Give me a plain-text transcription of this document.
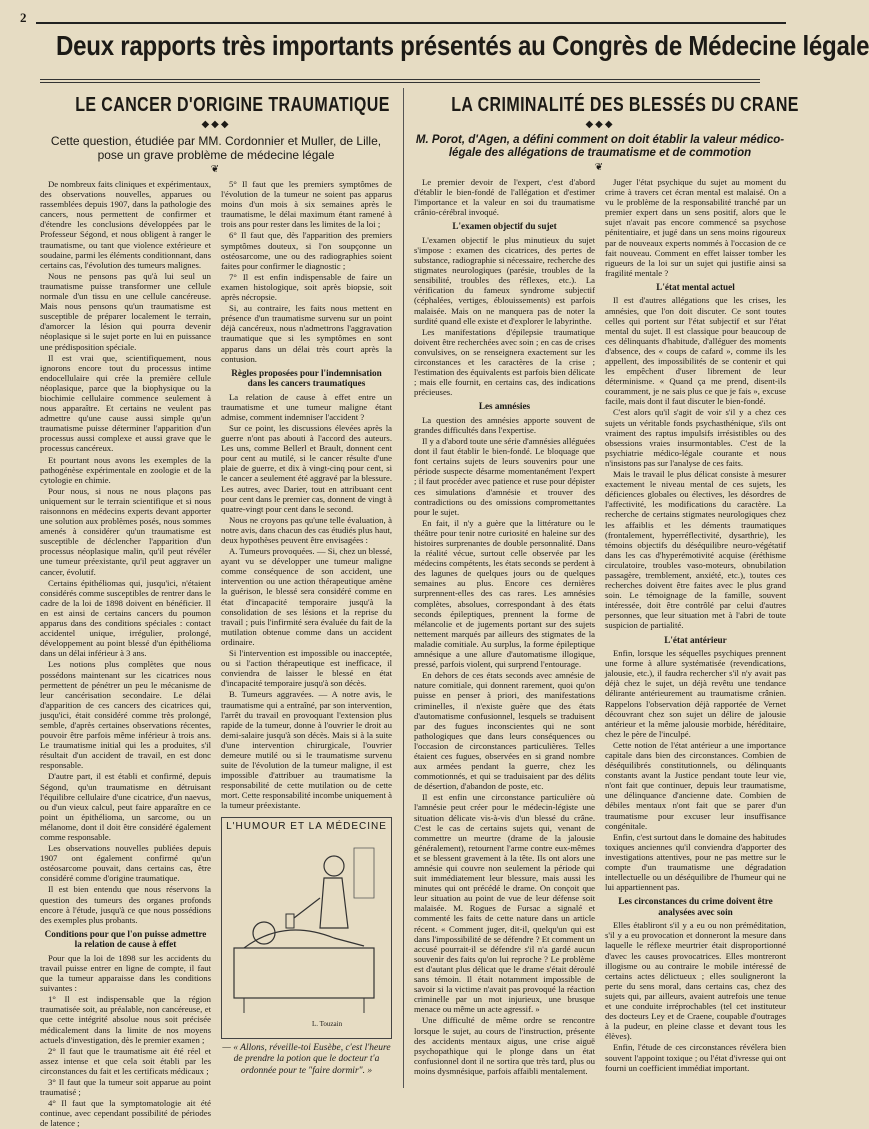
2
Deux rapports très importants présentés au Congrès de Médecine légale
LE CANCER D'ORIGINE TRAUMATIQUE
◆◆◆
Cette question, étudiée par MM. Cordonnier et Muller, de Lille, pose un grave problème de médecine légale
❦

De nombreux faits cliniques et expérimentaux, des observations nouvelles, apparues ou rassemblées depuis 1907, dans la pathologie des cancers, nous permettent de confirmer et d'étendre les conclusions développées par le Professeur Ségond, et nous obligent à ranger le traumatisme, ou tant que violence extérieure et soudaine, parmi les éléments conditionnant, dans certains cas, l'évolution des tumeurs malignes.

Nous ne pensons pas qu'à lui seul un traumatisme puisse transformer une cellule normale d'un tissu en une cellule cancéreuse. Mais nous pensons qu'un traumatisme est susceptible de préparer localement le terrain, d'amorcer la lésion qui pourra devenir néoplasique si le sujet porte en lui en puissance une prédisposition spéciale.

Il est vrai que, scientifiquement, nous ignorons encore tout du processus intime endocellulaire qui crée la première cellule néoplasique, parce que la biophysique ou la biochimie cellulaire commence seulement à nous apparaître. Et certains ne veulent pas admettre qu'une cause aussi simple qu'un traumatisme puisse déterminer l'apparition d'un processus aussi complexe et aussi grave que le processus cancéreux.

Et pourtant nous avons les exemples de la pathogénèse expérimentale en zoologie et de la cytologie en chimie.

Pour nous, si nous ne nous plaçons pas uniquement sur le terrain scientifique et si nous raisonnons en médecins experts devant apporter une solution aux problèmes posés, nous sommes amenés à considérer qu'un traumatisme est susceptible de déclencher l'apparition d'un processus néoplasique malin, qu'il peut révéler une tumeur préexistante, qu'il peut aggraver un cancer, évolutif.

Certains épithéliomas qui, jusqu'ici, n'étaient considérés comme susceptibles de rentrer dans le cadre de la loi de 1898 doivent en bénéficier. Il en est ainsi de certains cancers du poumon apparus dans des conditions spéciales : contact accidentel unique, irrégulier, prolongé, développement au point blessé d'un épithélioma dans un délai inférieur à 3 ans.

Les notions plus complètes que nous possédons maintenant sur les cicatrices nous permettent de pénétrer un peu le mécanisme de leur cancérisation secondaire. Le délai d'apparition de ces cancers des cicatrices qui, jusqu'ici, était considéré comme très prolongé, semble, d'après certaines observations récentes, pouvoir être parfois même inférieur à trois ans. Le traumatisme initial qui les a produites, s'il résultait d'un accident de travail, en est donc responsable.

D'autre part, il est établi et confirmé, depuis Ségond, qu'un traumatisme en détruisant l'équilibre cellulaire d'une cicatrice, d'un naevus, ou d'un vieux calcul, peut faire apparaître en ce point un épithélioma, un sarcome, ou un mélanome, dont il doit être considéré également comme responsable.

Les observations nouvelles publiées depuis 1907 ont également confirmé qu'un ostéosarcome pouvait, dans certains cas, être considéré comme d'origine traumatique.

Il est bien entendu que nous réservons la question des tumeurs des organes profonds encore à l'étude, jusqu'à ce que nous possédions des exemples plus probants.

Conditions pour que l'on puisse admettre la relation de cause à effet

Pour que la loi de 1898 sur les accidents du travail puisse entrer en ligne de compte, il faut que la tumeur apparaisse dans les conditions suivantes :

1° Il est indispensable que la région traumatisée soit, au préalable, non cancéreuse, et que cette intégrité absolue nous soit précisée médicalement dans la limite de nos moyens actuels d'investigation, dès le premier examen ;

2° Il faut que le traumatisme ait été réel et assez intense et que cela soit établi par les circonstances du fait et les certificats médicaux ;

3° Il faut que la tumeur soit apparue au point traumatisé ;

4° Il faut que la symptomatologie ait été continue, avec cependant possibilité de périodes de latence ;

5° Il faut que les premiers symptômes de l'évolution de la tumeur ne soient pas apparus moins d'un mois à six semaines après le traumatisme, le délai maximum étant ramené à trois ans pour rester dans les limites de la loi ;

6° Il faut que, dès l'apparition des premiers symptômes douteux, si l'on soupçonne un ostéosarcome, une ou des radiographies soient faites pour confirmer le diagnostic ;

7° Il est enfin indispensable de faire un examen histologique, soit après biopsie, soit après nécropsie.

Si, au contraire, les faits nous mettent en présence d'un traumatisme survenu sur un point déjà cancéreux, nous n'admettrons l'aggravation traumatique que si les symptômes en sont apparus dans un délai très court après la contusion.

Règles proposées pour l'indemnisation dans les cancers traumatiques

La relation de cause à effet entre un traumatisme et une tumeur maligne étant admise, comment indemniser l'accident ?

Sur ce point, les discussions élevées après la guerre n'ont pas abouti à l'accord des auteurs. Les uns, comme Bellerl et Brault, donnent cent pour cent au mutilé, si le cancer résulte d'une plaie de guerre, et dix à vingt-cinq pour cent, si le cancer a seulement été aggravé par la blessure. Les autres, avec Darier, tout en attribuant cent pour cent dans le premier cas, donnent de vingt à quatre-vingt pour cent dans le second.

Nous ne croyons pas qu'une telle évaluation, à notre avis, dans chacun des cas étudiés plus haut, deux hypothèses peuvent être envisagées :

A. Tumeurs provoquées. — Si, chez un blessé, ayant vu se développer une tumeur maligne comme conséquence de son accident, une intervention ou une action thérapeutique amène la guérison, le blessé sera considéré comme en état d'incapacité temporaire jusqu'à la consolidation de ses lésions et la reprise du travail ; puis l'infirmité sera évaluée du fait de la mutilation obtenue comme dans un accident ordinaire.

Si l'intervention est impossible ou inacceptée, ou si l'action thérapeutique est inefficace, il conviendra de laisser le blessé en état d'incapacité temporaire jusqu'à son décès.

B. Tumeurs aggravées. — A notre avis, le traumatisme qui a entraîné, par son intervention, l'arrêt du travail en provoquant l'extension plus rapide de la tumeur, donne à l'ouvrier le droit au demi-salaire jusqu'à son décès. Mais si à la suite d'une intervention chirurgicale, l'ouvrier demeure mutilé ou si le traumatisme survenu suite de l'évolution de la tumeur maligne, il est impossible d'attribuer au traumatisme la responsabilité de cette mutilation ou de cette mort. Cette responsabilité incombe uniquement à la tumeur préexistante.

L'HUMOUR ET LA MÉDECINE
L. Touzain
— « Allons, réveille-toi Eusèbe, c'est l'heure de prendre la potion que le docteur t'a ordonnée pour te "faire dormir". »
LA CRIMINALITÉ DES BLESSÉS DU CRANE
◆◆◆
M. Porot, d'Agen, a défini comment on doit établir la valeur médico-légale des allégations de traumatisme et de commotion
❦

Le premier devoir de l'expert, c'est d'abord d'établir le bien-fondé de l'allégation et d'estimer l'importance et la valeur en soi du traumatisme crânio-cérébral invoqué.

L'examen objectif du sujet

L'examen objectif le plus minutieux du sujet s'impose : examen des cicatrices, des pertes de substance, radiographie si nécessaire, recherche des stigmates neurologiques (parésie, troubles de la sensibilité, troubles des réflexes, etc.). La vérification du fameux syndrome subjectif (céphalées, vertiges, éblouissements) est parfois malaisée. Mais on ne manquera pas de noter la surdité quand elle existe et d'explorer le labyrinthe.

Les manifestations d'épilepsie traumatique doivent être recherchées avec soin ; en cas de crises convulsives, on se renseignera exactement sur les circonstances et les caractères de la crise ; l'estimation des équivalents est parfois bien délicate ; mais elle fournit, en certains cas, des indications précieuses.

Les amnésies

La question des amnésies apporte souvent de grandes difficultés dans l'expertise.

Il y a d'abord toute une série d'amnésies alléguées dont il faut établir le bien-fondé. Le bloquage que font certains sujets de leurs souvenirs pour une période suspecte désarme momentanément l'expert ; il faut procéder avec patience et ruse pour dépister ces simulations d'amnésie et trouver des contradictions ou des omissions compromettantes pour le sujet.

En fait, il n'y a guère que la littérature ou le théâtre pour tenir notre curiosité en haleine sur des histoires surprenantes de double personnalité. Dans la réalité vécue, surtout celle observée par les médecins compétents, les états seconds se perdent à des lagunes de quelques jours ou de quelques semaines au plus. Encore ces dernières surprennent-elles des cas rares. Les amnésies complètes, absolues, correspondant à des états seconds épileptiques, prennent la forme de mélancolie et de jugements portant sur des sujets nettement marqués par ailleurs des stigmates de la maladie comitiale. Au surplus, la forme épileptique amnésique a une allure d'automatisme illogique, pressé, parfois violent, qui surprend l'entourage.

En dehors de ces états seconds avec amnésie de nature comitiale, qui donnent rarement, quoi qu'on puisse en penser à priori, des manifestations criminelles, il n'existe guère que des états d'automatisme confusionnel, lesquels se traduisent par des fugues inconscientes qui ne sont pathologiques que dans leurs conséquences ou l'occasion de circonstances particulières. Telles étaient ces fugues, observées en si grand nombre aux armées pendant la guerre, chez les commotionnés, et qui se traduisaient par des délits de désertion, d'abandon de poste, etc.

Il est enfin une circonstance particulière où l'amnésie peut créer pour le médecin-légiste une situation délicate vis-à-vis d'un blessé du crâne. C'est le cas de certains sujets qui, venant de commettre un meurtre (drame de la jalousie généralement), retournent l'arme contre eux-mêmes et se blessent gravement à la tête. Ils ont alors une amnésie qui couvre non seulement la période qui suit immédiatement leur blessure, mais aussi les minutes qui ont précédé le drame. On conçoit que leur situation au point de vue de leur défense soit malaisée. M. Rogues de Fursac a signalé et commenté les faits de cette nature dans un article récent. « Comment juger, dit-il, quelqu'un qui est dans l'impossibilité de se défendre ? Et comment un accusé pourrait-il se défendre s'il n'a gardé aucun souvenir des faits qu'on lui reproche ? Le problème est d'autant plus délicat que le drame s'était déroulé sans témoin. Il était notamment impossible de savoir si la victime n'avait pas provoqué la réaction criminelle par un mot injurieux, une brusque menace ou même un acte agressif. »

Une difficulté de même ordre se rencontre lorsque le sujet, au cours de l'instruction, présente des accidents mentaux aigus, une crise aiguë psychopathique qui le plonge dans un état confusionnel dont il ne sortira que très tard, plus ou moins dysmnésique, parfois affaibli mentalement.

Juger l'état psychique du sujet au moment du crime à travers cet écran mental est malaisé. On a vu le problème de la responsabilité tranché par un premier expert dans un sens positif, alors que le sujet n'avait pas encore commencé sa psychose pénitentiaire, et jugé dans un sens moins rigoureux par de nouveaux experts nommés à l'occasion de ce fait nouveau. Comment en effet laisser tomber les rigueurs de la loi sur un sujet qui justifie ainsi sa fragilité mentale ?

L'état mental actuel

Il est d'autres allégations que les crises, les amnésies, que l'on doit discuter. Ce sont toutes celles qui portent sur l'état subjectif et sur l'état mental du sujet. Il est classique pour beaucoup de ces délinquants d'habitude, d'alléguer des moments d'absence, des « coups de cafard », comme ils les appellent, des impossibilités de se contenir et qui les empêchent d'user librement de leur déterminisme. « Quand ça me prend, disent-ils couramment, je ne sais plus ce que je fais », excuse facile, mais dont il faut discuter le bien-fondé.

C'est alors qu'il s'agit de voir s'il y a chez ces sujets un véritable fonds psychasthénique, s'ils ont vraiment des raptus impulsifs irrésistibles ou des obsessions vraies insurmontables. C'est de la psychiatrie médico-légale courante et nous n'insistons pas sur l'analyse de ces faits.

Mais le travail le plus délicat consiste à mesurer exactement le niveau mental de ces sujets, les déficiences globales ou électives, les désordres de l'affectivité, les modifications du caractère. La recherche de certains stigmates neurologiques chez les affaiblis et les déments traumatiques (frontalement, hyperréflectivité, dysarthrie), les témoins objectifs du déséquilibre neuro-végétatif dans les cas d'hyperémotivité acquise (éréthisme circulatoire, troubles vaso-moteurs, obnubilation passagère, tremblement, anxiété, etc.), toutes ces recherches doivent être faites avec le plus grand soin. Le témoignage de la famille, souvent intéressée, doit être contrôlé par celui d'autres personnes, que leur situation met à l'abri de toute suspicion de partialité.

L'état antérieur

Enfin, lorsque les séquelles psychiques prennent une forme à allure systématisée (revendications, jalousie, etc.), il faudra rechercher s'il n'y avait pas déjà chez le sujet, un déjà revêtu une tendance délirante antérieurement au traumatisme crânien. Rappelons l'observation déjà rapportée de Vernet découvrant chez son sujet un délire de jalousie antérieur et la même jalousie morbide, héréditaire, chez le père de l'inculpé.

Cette notion de l'état antérieur a une importance capitale dans bien des circonstances. Combien de déséquilibrés constitutionnels, ou délinquants constants avant la Justice pendant toute leur vie, n'ont fait que continuer, depuis leur traumatisme, une délinquance d'ancienne date. Combien de débiles mentaux n'ont fait que se parer d'un traumatisme pour excuser leur insuffisance congénitale.

Enfin, c'est surtout dans le domaine des habitudes toxiques anciennes qu'il conviendra d'apporter des investigations attentives, pour ne pas mettre sur le compte d'un traumatisme une dégradation intellectuelle ou un déséquilibre de l'humeur qui ne lui appartiennent pas.

Les circonstances du crime doivent être analysées avec soin

Elles établiront s'il y a eu ou non préméditation, s'il y a eu provocation et donneront la mesure dans laquelle le réflexe meurtrier était disproportionné d'avec les causes provocatrices. Elles montreront illogisme ou au contraire le mobile intéressé de certains actes délictueux ; elles souligneront la perte du sens moral, dans certains cas, chez des sujets qui, par ailleurs, avaient autrefois une tenue et une conduite irréprochables (tel cet instituteur des docteurs Ley et de Craene, coupable d'outrages à la pudeur, en pleine classe et devant tous les élèves).

Enfin, l'étude de ces circonstances révélera bien souvent l'appoint toxique ; ou l'état d'ivresse qui ont fourni un coefficient immédiat important.
